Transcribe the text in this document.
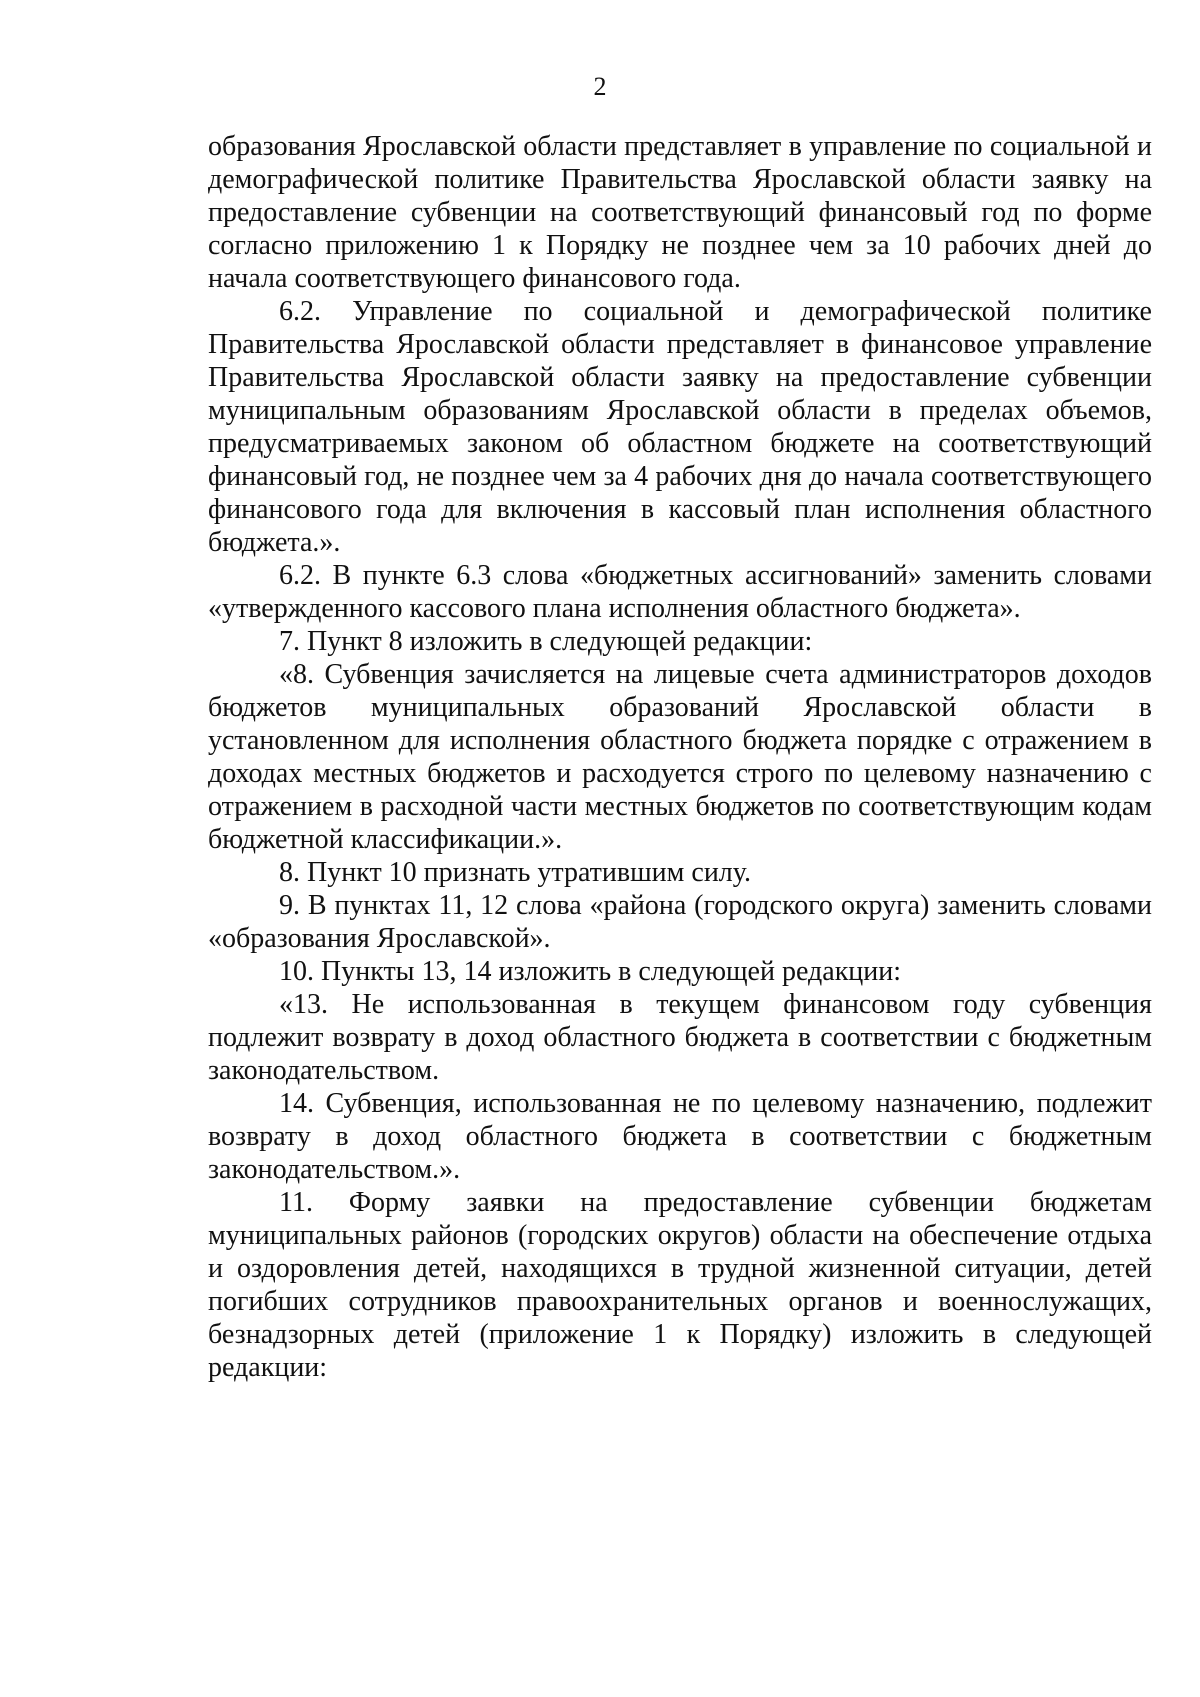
2

образования Ярославской области представляет в управление по социальной и демографической политике Правительства Ярославской области заявку на предоставление субвенции на соответствующий финансовый год по форме согласно приложению 1 к Порядку не позднее чем за 10 рабочих дней до начала соответствующего финансового года.

6.2. Управление по социальной и демографической политике Правительства Ярославской области представляет в финансовое управление Правительства Ярославской области заявку на предоставление субвенции муниципальным образованиям Ярославской области в пределах объемов, предусматриваемых законом об областном бюджете на соответствующий финансовый год, не позднее чем за 4 рабочих дня до начала соответствующего финансового года для включения в кассовый план исполнения областного бюджета.».

6.2. В пункте 6.3 слова «бюджетных ассигнований» заменить словами «утвержденного кассового плана исполнения областного бюджета».

7. Пункт 8 изложить в следующей редакции:

«8. Субвенция зачисляется на лицевые счета администраторов доходов бюджетов муниципальных образований Ярославской области в установленном для исполнения областного бюджета порядке с отражением в доходах местных бюджетов и расходуется строго по целевому назначению с отражением в расходной части местных бюджетов по соответствующим кодам бюджетной классификации.».

8. Пункт 10 признать утратившим силу.

9. В пунктах 11, 12 слова «района (городского округа) заменить словами «образования Ярославской».

10. Пункты 13, 14 изложить в следующей редакции:

«13. Не использованная в текущем финансовом году субвенция подлежит возврату в доход областного бюджета в соответствии с бюджетным законодательством.

14. Субвенция, использованная не по целевому назначению, подлежит возврату в доход областного бюджета в соответствии с бюджетным законодательством.».

11. Форму заявки на предоставление субвенции бюджетам муниципальных районов (городских округов) области на обеспечение отдыха и оздоровления детей, находящихся в трудной жизненной ситуации, детей погибших сотрудников правоохранительных органов и военнослужащих, безнадзорных детей (приложение 1 к Порядку) изложить в следующей редакции:
